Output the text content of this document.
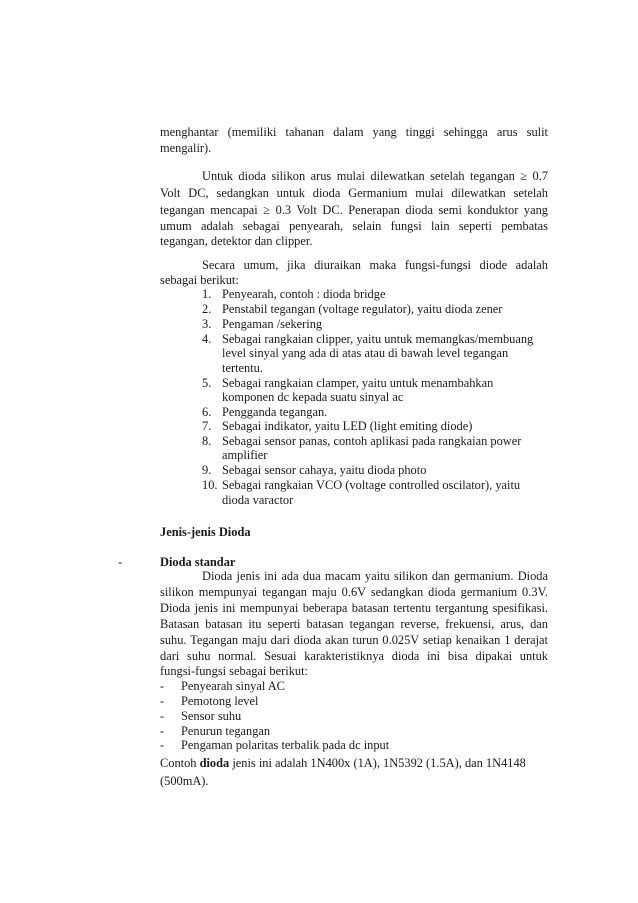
menghantar (memiliki tahanan dalam yang tinggi sehingga arus sulit
mengalir).
Untuk dioda silikon arus mulai dilewatkan setelah tegangan ≥ 0.7
Volt DC, sedangkan untuk dioda Germanium mulai dilewatkan setelah
tegangan mencapai ≥ 0.3 Volt DC. Penerapan dioda semi konduktor yang
umum adalah sebagai penyearah, selain fungsi lain seperti pembatas
tegangan, detektor dan clipper.
Secara umum, jika diuraikan maka fungsi-fungsi diode adalah
sebagai berikut:
1. Penyearah, contoh : dioda bridge
2. Penstabil tegangan (voltage regulator), yaitu dioda zener
3. Pengaman /sekering
4. Sebagai rangkaian clipper, yaitu untuk memangkas/membuang
level sinyal yang ada di atas atau di bawah level tegangan
tertentu.
5. Sebagai rangkaian clamper, yaitu untuk menambahkan
komponen dc kepada suatu sinyal ac
6. Pengganda tegangan.
7. Sebagai indikator, yaitu LED (light emiting diode)
8. Sebagai sensor panas, contoh aplikasi pada rangkaian power
amplifier
9. Sebagai sensor cahaya, yaitu dioda photo
10. Sebagai rangkaian VCO (voltage controlled oscilator), yaitu
dioda varactor
Jenis-jenis Dioda
-	Dioda standar
Dioda jenis ini ada dua macam yaitu silikon dan germanium. Dioda
silikon mempunyai tegangan maju 0.6V sedangkan dioda germanium 0.3V.
Dioda jenis ini mempunyai beberapa batasan tertentu tergantung spesifikasi.
Batasan batasan itu seperti batasan tegangan reverse, frekuensi, arus, dan
suhu. Tegangan maju dari dioda akan turun 0.025V setiap kenaikan 1 derajat
dari suhu normal. Sesuai karakteristiknya dioda ini bisa dipakai untuk
fungsi-fungsi sebagai berikut:
- Penyearah sinyal AC
- Pemotong level
- Sensor suhu
- Penurun tegangan
- Pengaman polaritas terbalik pada dc input
Contoh dioda jenis ini adalah 1N400x (1A), 1N5392 (1.5A), dan 1N4148
(500mA).
